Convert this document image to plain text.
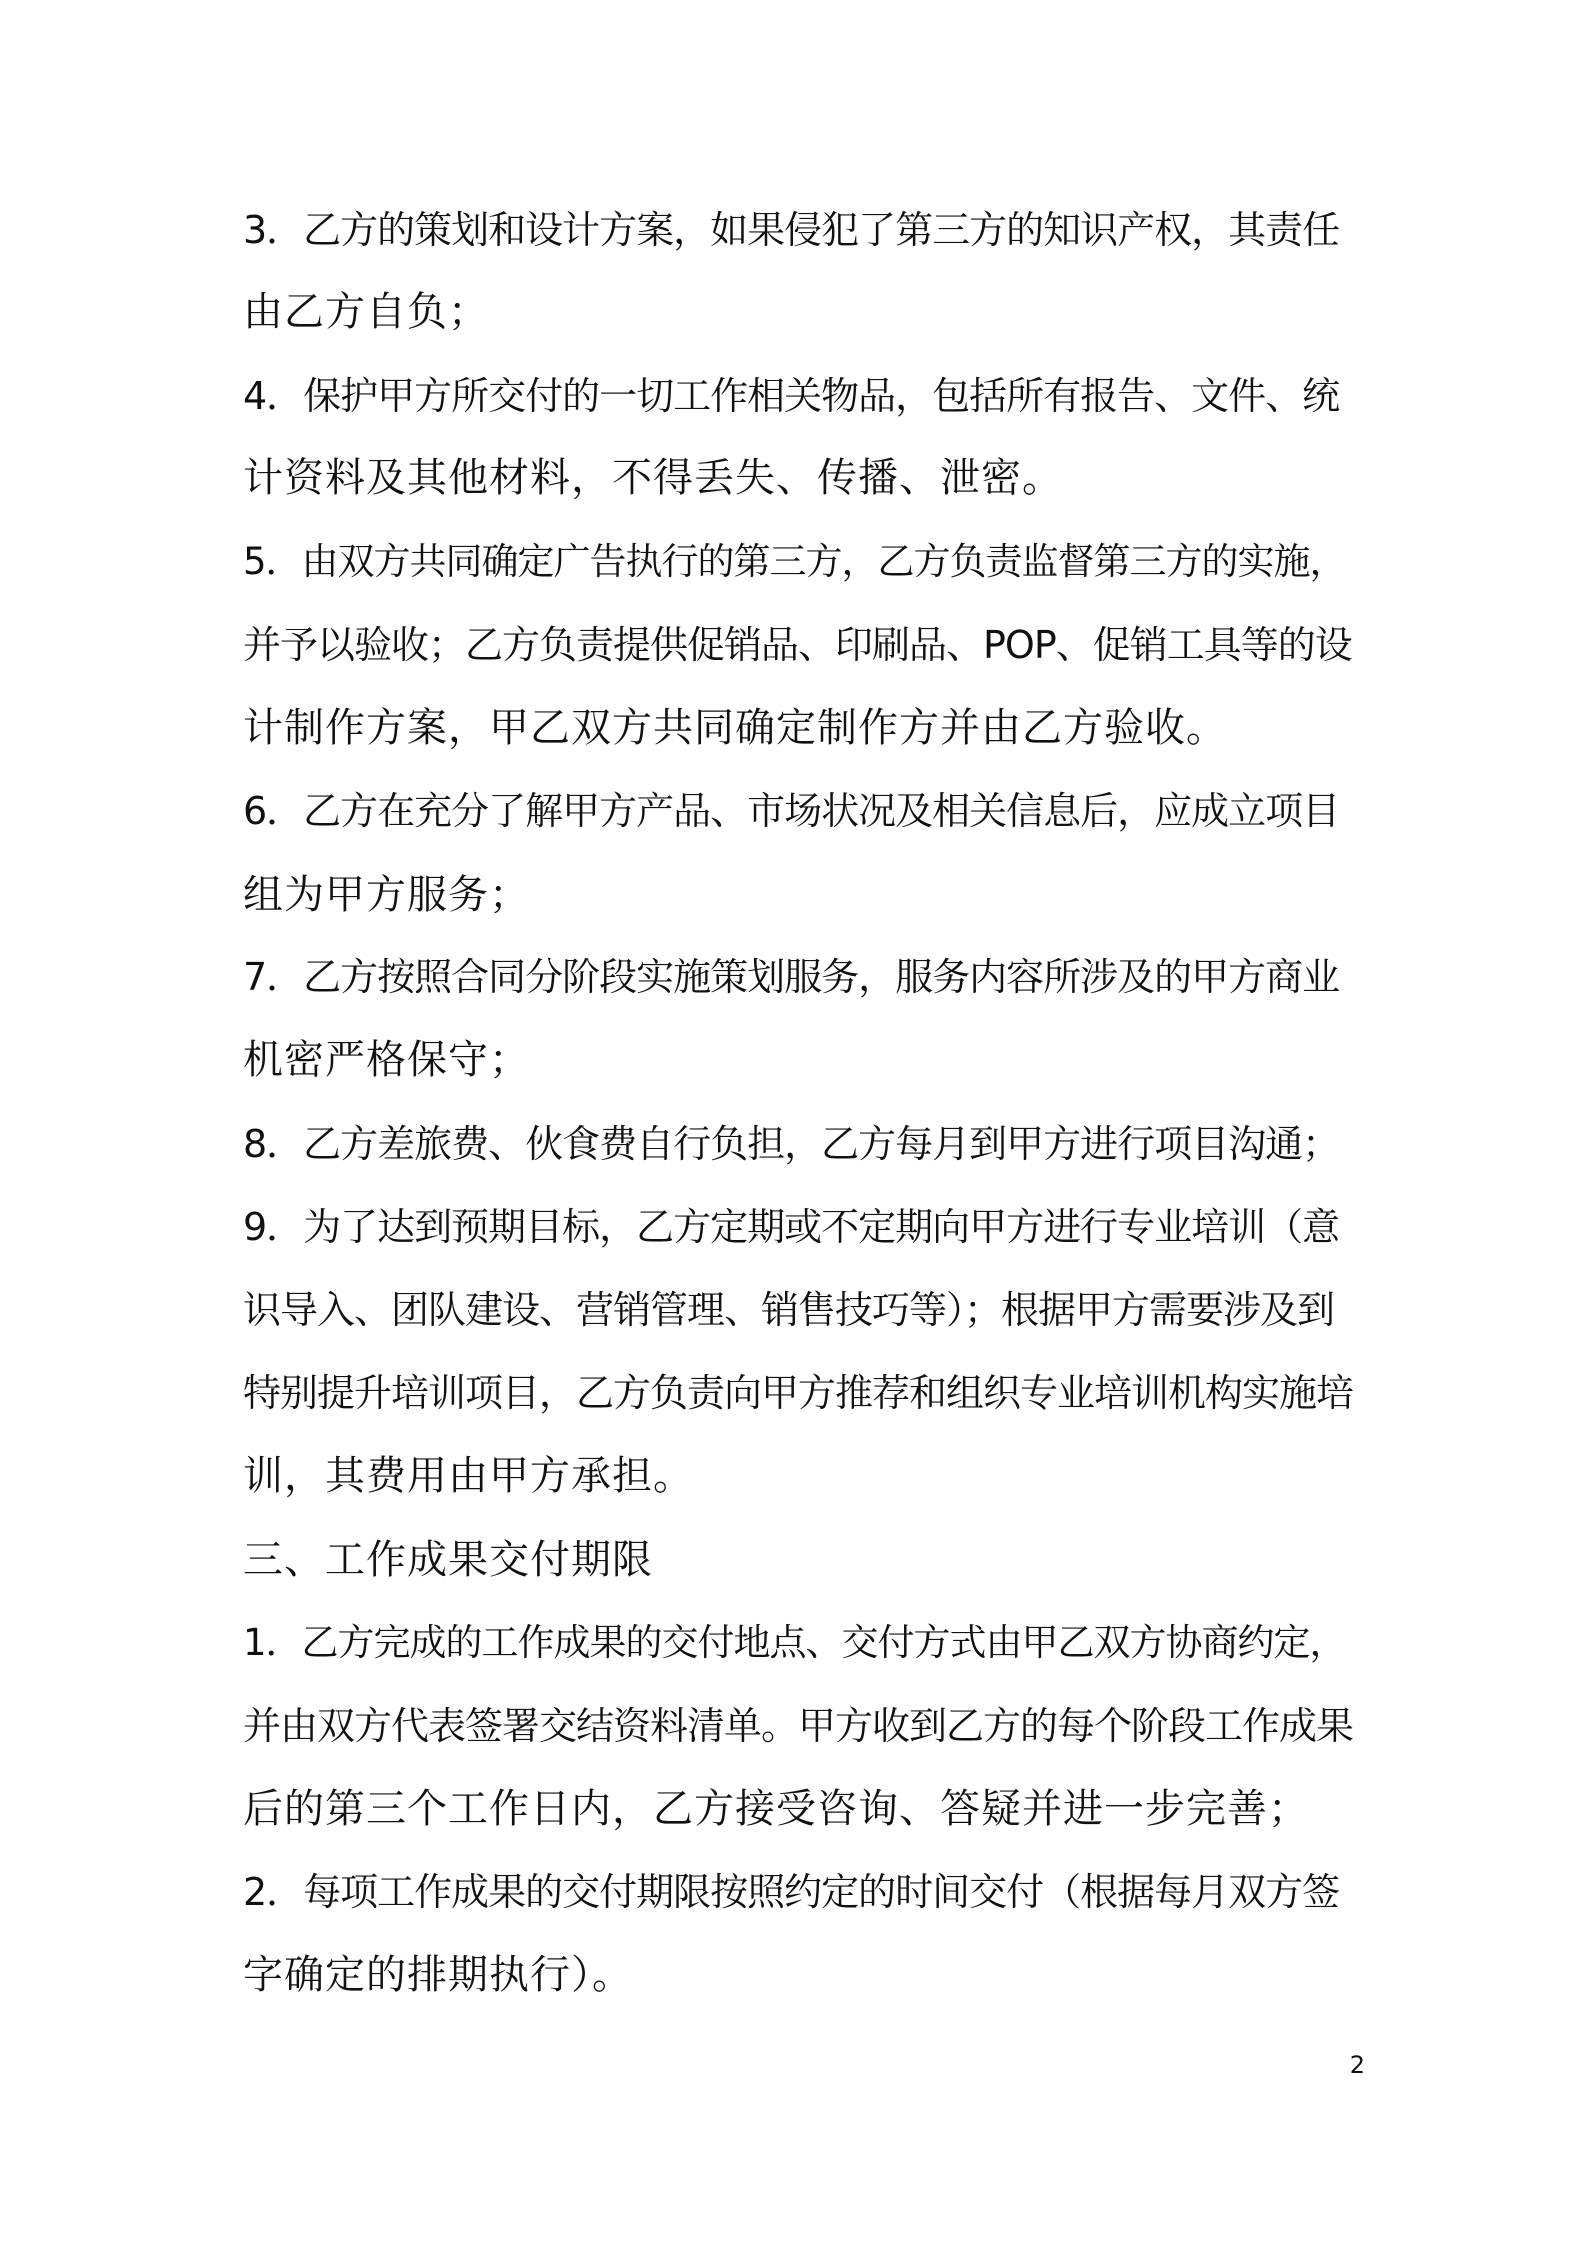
3．乙方的策划和设计方案，如果侵犯了第三方的知识产权，其责任
由乙方自负；
4．保护甲方所交付的一切工作相关物品，包括所有报告、文件、统
计资料及其他材料，不得丢失、传播、泄密。
5．由双方共同确定广告执行的第三方，乙方负责监督第三方的实施，
并予以验收；乙方负责提供促销品、印刷品、POP、促销工具等的设
计制作方案，甲乙双方共同确定制作方并由乙方验收。
6．乙方在充分了解甲方产品、市场状况及相关信息后，应成立项目
组为甲方服务；
7．乙方按照合同分阶段实施策划服务，服务内容所涉及的甲方商业
机密严格保守；
8．乙方差旅费、伙食费自行负担，乙方每月到甲方进行项目沟通；
9．为了达到预期目标，乙方定期或不定期向甲方进行专业培训（意
识导入、团队建设、营销管理、销售技巧等）；根据甲方需要涉及到
特别提升培训项目，乙方负责向甲方推荐和组织专业培训机构实施培
训，其费用由甲方承担。
三、工作成果交付期限
1．乙方完成的工作成果的交付地点、交付方式由甲乙双方协商约定，
并由双方代表签署交结资料清单。甲方收到乙方的每个阶段工作成果
后的第三个工作日内，乙方接受咨询、答疑并进一步完善；
2．每项工作成果的交付期限按照约定的时间交付（根据每月双方签
字确定的排期执行）。
2
